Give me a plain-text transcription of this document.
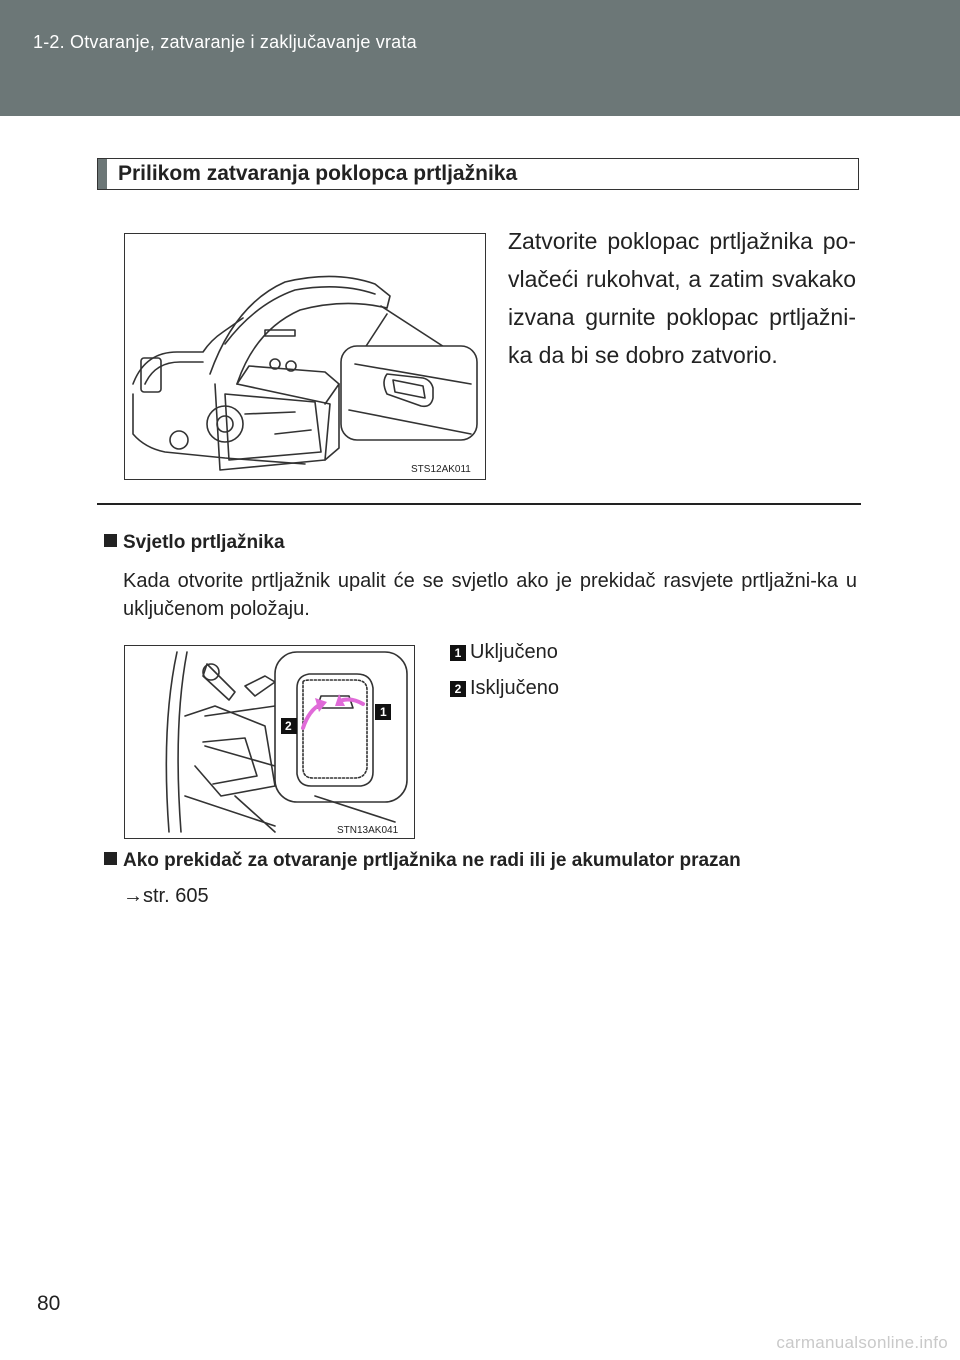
1-2. Otvaranje, zatvaranje i zaključavanje vrata
Prilikom zatvaranja poklopca prtljažnika
STS12AK011
Zatvorite poklopac prtljažnika po-vlačeći rukohvat, a zatim svakako izvana gurnite poklopac prtljažni-ka da bi se dobro zatvorio.
Svjetlo prtljažnika
Kada otvorite prtljažnik upalit će se svjetlo ako je prekidač rasvjete prtljažni-ka u uključenom položaju.
2
1
STN13AK041
1 Uključeno
2 Isključeno
Ako prekidač za otvaranje prtljažnika ne radi ili je akumulator prazan
→str. 605
80
carmanualsonline.info
